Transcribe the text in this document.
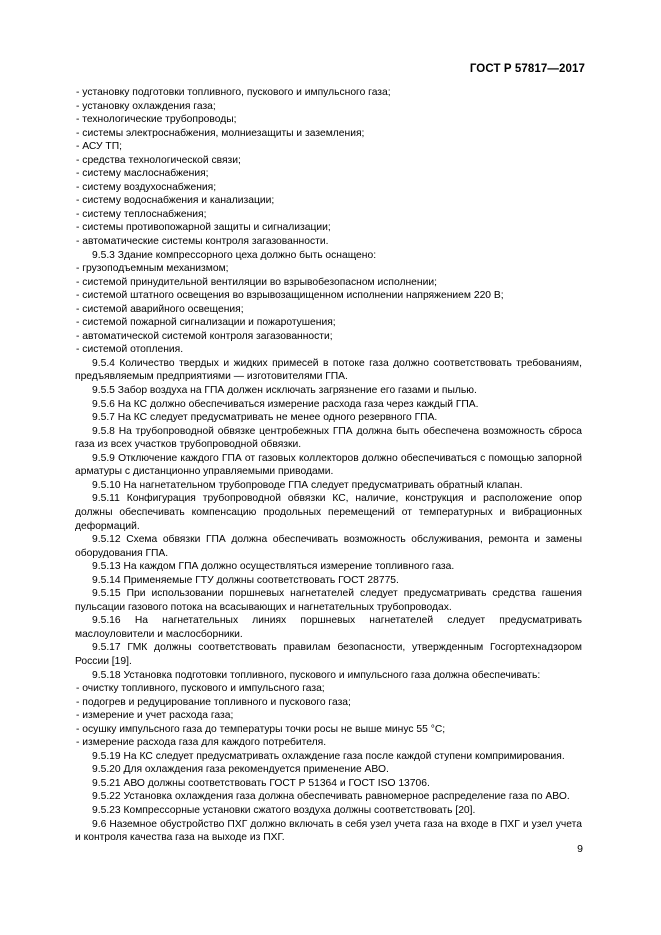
ГОСТ Р 57817—2017
- установку подготовки топливного, пускового и импульсного газа;
- установку охлаждения газа;
- технологические трубопроводы;
- системы электроснабжения, молниезащиты и заземления;
- АСУ ТП;
- средства технологической связи;
- систему маслоснабжения;
- систему воздухоснабжения;
- систему водоснабжения и канализации;
- систему теплоснабжения;
- системы противопожарной защиты и сигнализации;
- автоматические системы контроля загазованности.
9.5.3 Здание компрессорного цеха должно быть оснащено:
- грузоподъемным механизмом;
- системой принудительной вентиляции во взрывобезопасном исполнении;
- системой штатного освещения во взрывозащищенном исполнении напряжением 220 В;
- системой аварийного освещения;
- системой пожарной сигнализации и пожаротушения;
- автоматической системой контроля загазованности;
- системой отопления.
9.5.4 Количество твердых и жидких примесей в потоке газа должно соответствовать требованиям, предъявляемым предприятиями — изготовителями ГПА.
9.5.5 Забор воздуха на ГПА должен исключать загрязнение его газами и пылью.
9.5.6 На КС должно обеспечиваться измерение расхода газа через каждый ГПА.
9.5.7 На КС следует предусматривать не менее одного резервного ГПА.
9.5.8 На трубопроводной обвязке центробежных ГПА должна быть обеспечена возможность сброса газа из всех участков трубопроводной обвязки.
9.5.9 Отключение каждого ГПА от газовых коллекторов должно обеспечиваться с помощью запорной арматуры с дистанционно управляемыми приводами.
9.5.10 На нагнетательном трубопроводе ГПА следует предусматривать обратный клапан.
9.5.11 Конфигурация трубопроводной обвязки КС, наличие, конструкция и расположение опор должны обеспечивать компенсацию продольных перемещений от температурных и вибрационных деформаций.
9.5.12 Схема обвязки ГПА должна обеспечивать возможность обслуживания, ремонта и замены оборудования ГПА.
9.5.13 На каждом ГПА должно осуществляться измерение топливного газа.
9.5.14 Применяемые ГТУ должны соответствовать ГОСТ 28775.
9.5.15 При использовании поршневых нагнетателей следует предусматривать средства гашения пульсации газового потока на всасывающих и нагнетательных трубопроводах.
9.5.16 На нагнетательных линиях поршневых нагнетателей следует предусматривать маслоуловители и маслосборники.
9.5.17 ГМК должны соответствовать правилам безопасности, утвержденным Госгортехнадзором России [19].
9.5.18 Установка подготовки топливного, пускового и импульсного газа должна обеспечивать:
- очистку топливного, пускового и импульсного газа;
- подогрев и редуцирование топливного и пускового газа;
- измерение и учет расхода газа;
- осушку импульсного газа до температуры точки росы не выше минус 55 °С;
- измерение расхода газа для каждого потребителя.
9.5.19 На КС следует предусматривать охлаждение газа после каждой ступени компримирования.
9.5.20 Для охлаждения газа рекомендуется применение АВО.
9.5.21 АВО должны соответствовать ГОСТ Р 51364 и ГОСТ ISO 13706.
9.5.22 Установка охлаждения газа должна обеспечивать равномерное распределение газа по АВО.
9.5.23 Компрессорные установки сжатого воздуха должны соответствовать [20].
9.6 Наземное обустройство ПХГ должно включать в себя узел учета газа на входе в ПХГ и узел учета и контроля качества газа на выходе из ПХГ.
9
